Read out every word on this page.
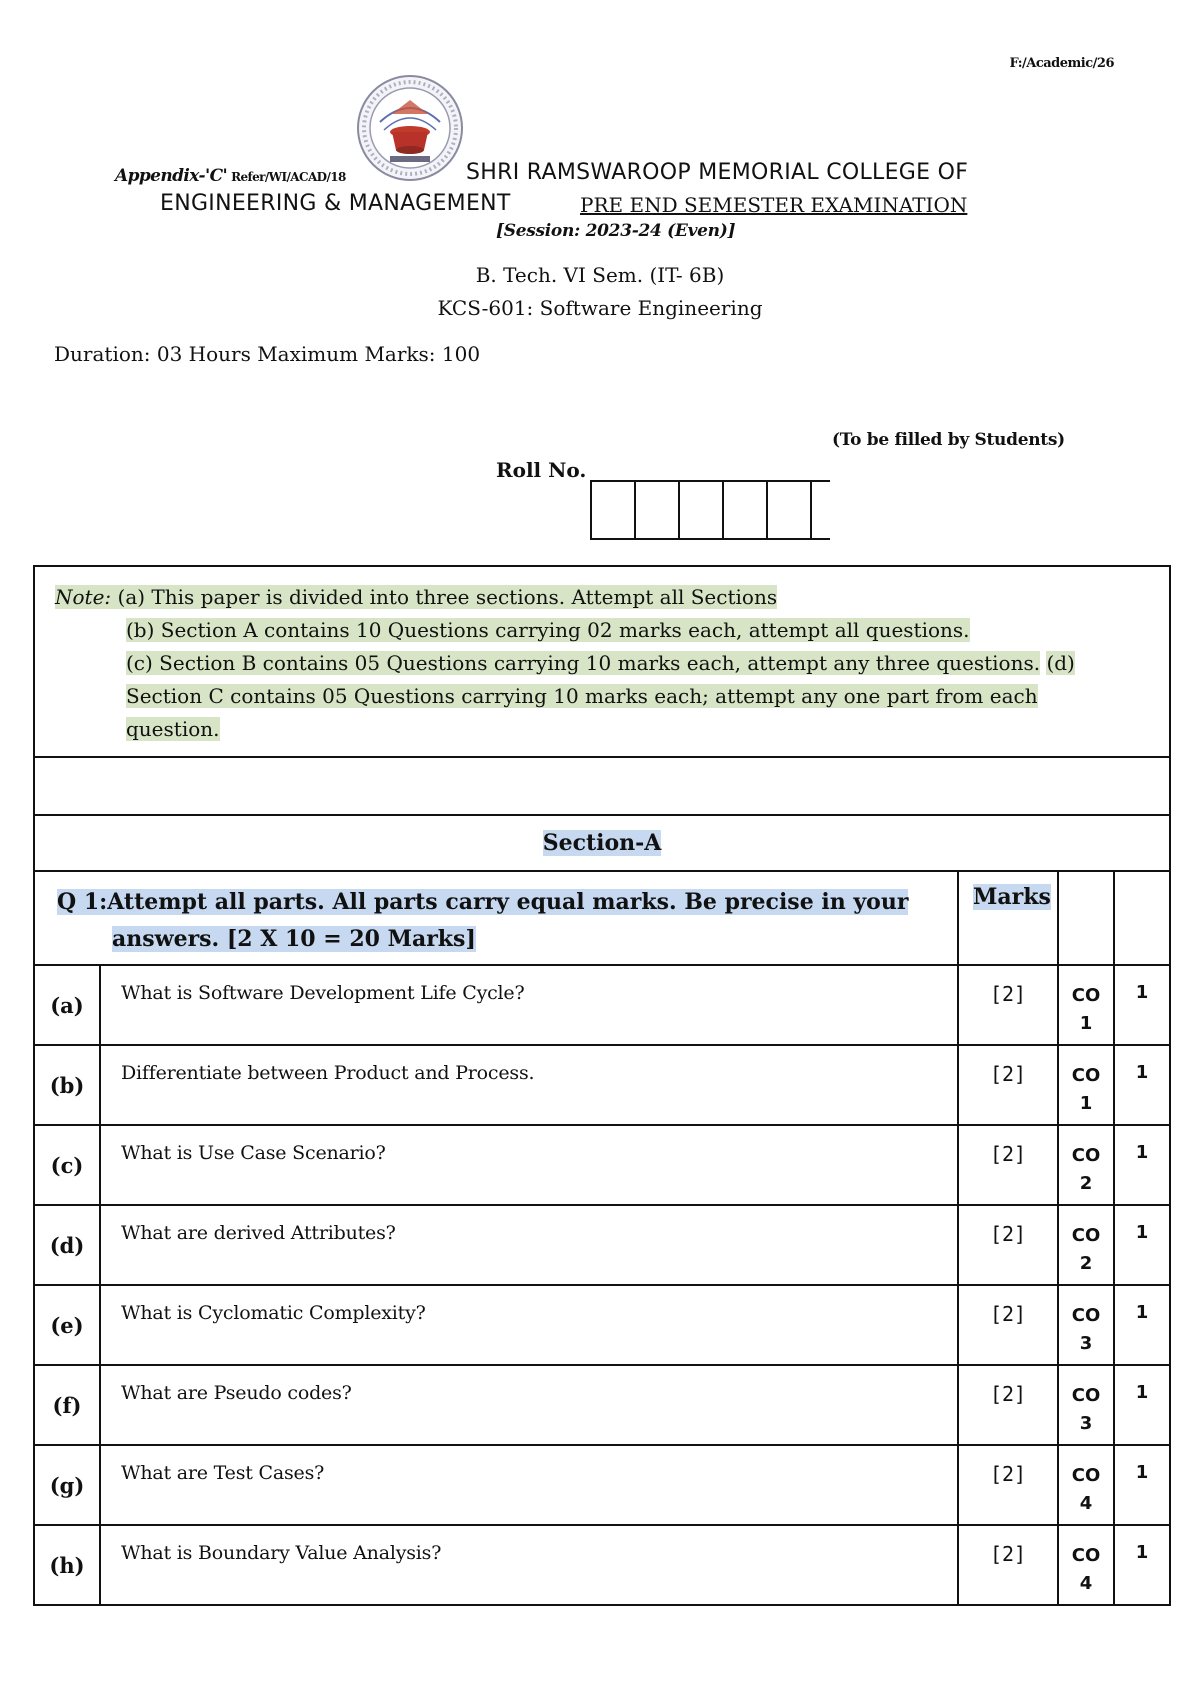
F:/Academic/26
Appendix-'C' Refer/WI/ACAD/18	SHRI RAMSWAROOP MEMORIAL COLLEGE OF
ENGINEERING & MANAGEMENT	PRE END SEMESTER EXAMINATION
[Session: 2023-24 (Even)]
B. Tech. VI Sem. (IT- 6B)
KCS-601: Software Engineering
Duration: 03 Hours Maximum Marks: 100
(To be filled by Students)
Roll No.
Note: (a) This paper is divided into three sections. Attempt all Sections
(b) Section A contains 10 Questions carrying 02 marks each, attempt all questions.
(c) Section B contains 05 Questions carrying 10 marks each, attempt any three questions. (d)
Section C contains 05 Questions carrying 10 marks each; attempt any one part from each
question.				

Section-A				
Q 1:Attempt all parts. All parts carry equal marks. Be precise in your
answers. [2 X 10 = 20 Marks]		Marks		
(a)	What is Software Development Life Cycle?	[2]	CO
1	1
(b)	Differentiate between Product and Process.	[2]	CO
1	1
(c)	What is Use Case Scenario?	[2]	CO
2	1
(d)	What are derived Attributes?	[2]	CO
2	1
(e)	What is Cyclomatic Complexity?	[2]	CO
3	1
(f)	What are Pseudo codes?	[2]	CO
3	1
(g)	What are Test Cases?	[2]	CO
4	1
(h)	What is Boundary Value Analysis?	[2]	CO
4	1
